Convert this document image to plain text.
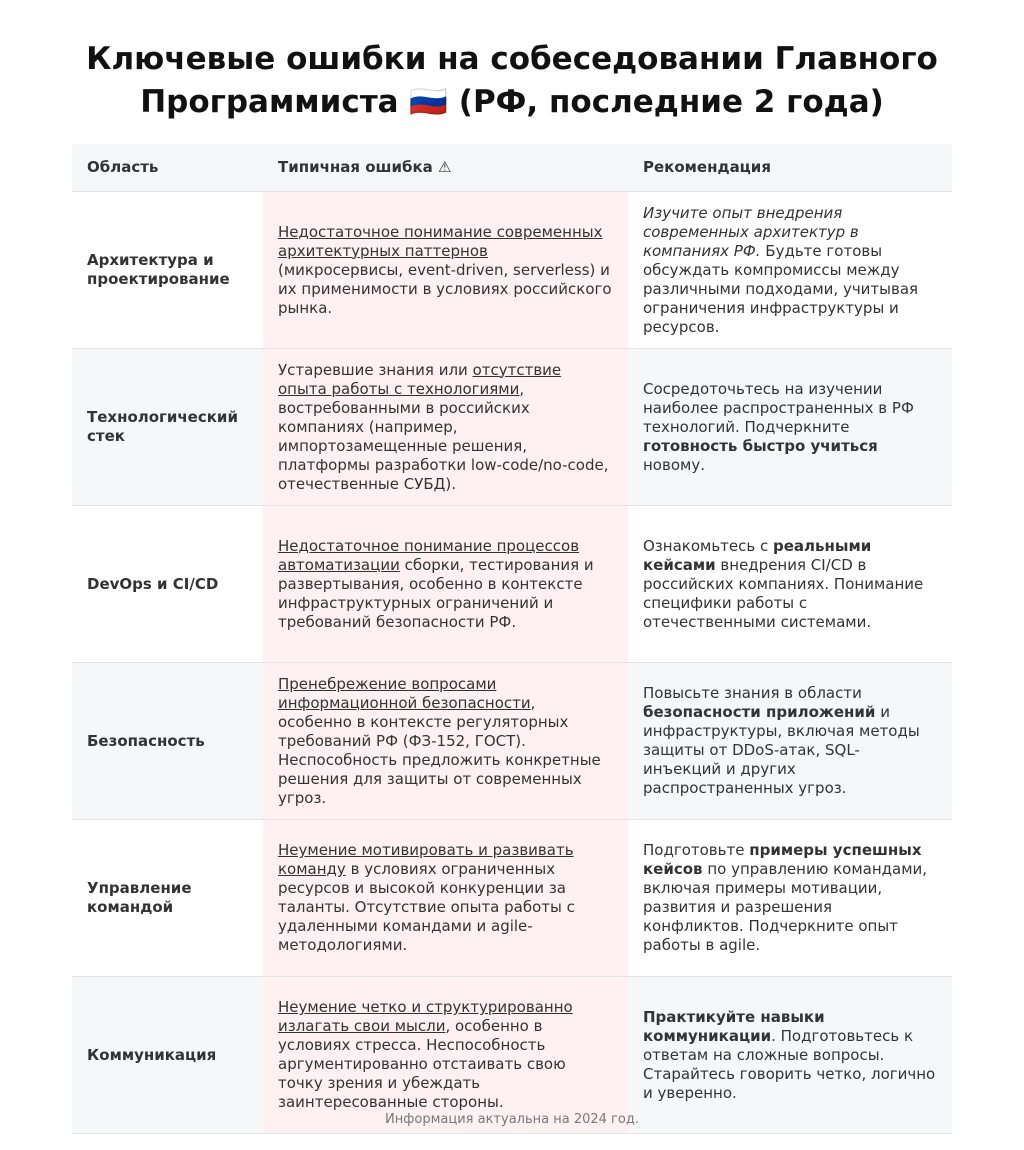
Ключевые ошибки на собеседовании Главного Программиста 🇷🇺 (РФ, последние 2 года)
Область	Типичная ошибка ⚠	Рекомендация
Архитектура и проектирование	Недостаточное понимание современных архитектурных паттернов (микросервисы, event-driven, serverless) и их применимости в условиях российского рынка.	Изучите опыт внедрения современных архитектур в компаниях РФ. Будьте готовы обсуждать компромиссы между различными подходами, учитывая ограничения инфраструктуры и ресурсов.
Технологический стек	Устаревшие знания или отсутствие опыта работы с технологиями, востребованными в российских компаниях (например, импортозамещенные решения, платформы разработки low-code/no-code, отечественные СУБД).	Сосредоточьтесь на изучении наиболее распространенных в РФ технологий. Подчеркните готовность быстро учиться новому.
DevOps и CI/CD	Недостаточное понимание процессов автоматизации сборки, тестирования и развертывания, особенно в контексте инфраструктурных ограничений и требований безопасности РФ.	Ознакомьтесь с реальными кейсами внедрения CI/CD в российских компаниях. Понимание специфики работы с отечественными системами.
Безопасность	Пренебрежение вопросами информационной безопасности, особенно в контексте регуляторных требований РФ (ФЗ-152, ГОСТ). Неспособность предложить конкретные решения для защиты от современных угроз.	Повысьте знания в области безопасности приложений и инфраструктуры, включая методы защиты от DDoS-атак, SQL-инъекций и других распространенных угроз.
Управление командой	Неумение мотивировать и развивать команду в условиях ограниченных ресурсов и высокой конкуренции за таланты. Отсутствие опыта работы с удаленными командами и agile-методологиями.	Подготовьте примеры успешных кейсов по управлению командами, включая примеры мотивации, развития и разрешения конфликтов. Подчеркните опыт работы в agile.
Коммуникация	Неумение четко и структурированно излагать свои мысли, особенно в условиях стресса. Неспособность аргументированно отстаивать свою точку зрения и убеждать заинтересованные стороны.	Практикуйте навыки коммуникации. Подготовьтесь к ответам на сложные вопросы. Старайтесь говорить четко, логично и уверенно.
Информация актуальна на 2024 год.
